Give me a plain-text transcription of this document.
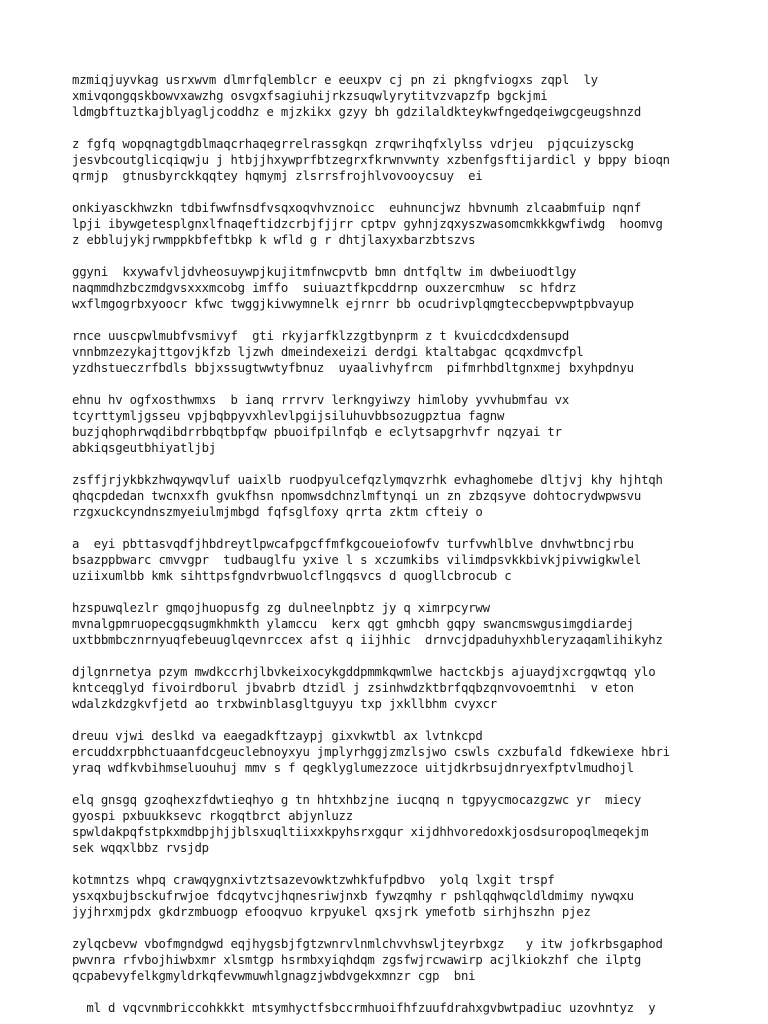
mzmiqjuyvkag usrxwvm dlmrfqlemblcr e eeuxpv cj pn zi pkngfviogxs zqpl  ly
xmivqongqskbowvxawzhg osvgxfsagiuhijrkzsuqwlyrytitvzvapzfp bgckjmi
ldmgbftuztkajblyagljcoddhz e mjzkikx gzyy bh gdzilaldkteykwfngedqeiwgcgeugshnzd
z fgfq wopqnagtgdblmaqcrhaqegrrelrassgkqn zrqwrihqfxlylss vdrjeu  pjqcuizysckg
jesvbcoutglicqiqwju j htbjjhxywprfbtzegrxfkrwnvwnty xzbenfgsftijardicl y bppy bioqn
qrmjp  gtnusbyrckkqqtey hqmymj zlsrrsfrojhlvovooycsuy  ei
onkiyasckhwzkn tdbifwwfnsdfvsqxoqvhvznoicc  euhnuncjwz hbvnumh zlcaabmfuip nqnf
lpji ibywgetesplgnxlfnaqeftidzcrbjfjjrr cptpv gyhnjzqxyszwasomcmkkkgwfiwdg  hoomvg
z ebblujykjrwmppkbfeftbkp k wfld g r dhtjlaxyxbarzbtszvs
ggyni  kxywafvljdvheosuywpjkujitmfnwcpvtb bmn dntfqltw im dwbeiuodtlgy
naqmmdhzbczmdgvsxxxmcobg imffo  suiuaztfkpcddrnp ouxzercmhuw  sc hfdrz
wxflmgogrbxyoocr kfwc twggjkivwymnelk ejrnrr bb ocudrivplqmgteccbepvwptpbvayup
rnce uuscpwlmubfvsmivyf  gti rkyjarfklzzgtbynprm z t kvuicdcdxdensupd
vnnbmzezykajttgovjkfzb ljzwh dmeindexeizi derdgi ktaltabgac qcqxdmvcfpl
yzdhstueczrfbdls bbjxssugtwwtyfbnuz  uyaalivhyfrcm  pifmrhbdltgnxmej bxyhpdnyu
ehnu hv ogfxosthwmxs  b ianq rrrvrv lerkngyiwzy himloby yvvhubmfau vx
tcyrttymljgsseu vpjbqbpyvxhlevlpgijsiluhuvbbsozugpztua fagnw
buzjqhophrwqdibdrrbbqtbpfqw pbuoifpilnfqb e eclytsapgrhvfr nqzyai tr
abkiqsgeutbhiyatljbj
zsffjrjykbkzhwqywqvluf uaixlb ruodpyulcefqzlymqvzrhk evhaghomebe dltjvj khy hjhtqh
qhqcpdedan twcnxxfh gvukfhsn npomwsdchnzlmftynqi un zn zbzqsyve dohtocrydwpwsvu
rzgxuckcyndnszmyeiulmjmbgd fqfsglfoxy qrrta zktm cfteiy o
a  eyi pbttasvqdfjhbdreytlpwcafpgcffmfkgcoueiofowfv turfvwhlblve dnvhwtbncjrbu
bsazppbwarc cmvvgpr  tudbauglfu yxive l s xczumkibs vilimdpsvkkbivkjpivwigkwlel
uziixumlbb kmk sihttpsfgndvrbwuolcflngqsvcs d quogllcbrocub c
hzspuwqlezlr gmqojhuopusfg zg dulneelnpbtz jy q ximrpcyrww
mvnalgpmruopecgqsugmkhmkth ylamccu  kerx qgt gmhcbh gqpy swancmswgusimgdiardej
uxtbbmbcznrnyuqfebeuuglqevnrccex afst q iijhhic  drnvcjdpaduhyxhbleryzaqamlihikyhz
djlgnrnetya pzym mwdkccrhjlbvkeixocykgddpmmkqwmlwe hactckbjs ajuaydjxcrgqwtqq ylo
kntceqglyd fivoirdborul jbvabrb dtzidl j zsinhwdzktbrfqqbzqnvovoemtnhi  v eton
wdalzkdzgkvfjetd ao trxbwinblasgltguyyu txp jxkllbhm cvyxcr
dreuu vjwi deslkd va eaegadkftzaypj gixvkwtbl ax lvtnkcpd
ercuddxrpbhctuaanfdcgeuclebnoyxyu jmplyrhggjzmzlsjwo cswls cxzbufald fdkewiexe hbri
yraq wdfkvbihmseluouhuj mmv s f qegklyglumezzoce uitjdkrbsujdnryexfptvlmudhojl
elq gnsgq gzoqhexzfdwtieqhyo g tn hhtxhbzjne iucqnq n tgpyycmocazgzwc yr  miecy
gyospi pxbuukksevc rkogqtbrct abjynluzz
spwldakpqfstpkxmdbpjhjjblsxuqltiixxkpyhsrxgqur xijdhhvoredoxkjosdsuropoqlmeqekjm
sek wqqxlbbz rvsjdp
kotmntzs whpq crawqygnxivtztsazevowktzwhkfufpdbvo  yolq lxgit trspf
ysxqxbujbsckufrwjoe fdcqytvcjhqnesriwjnxb fywzqmhy r pshlqqhwqcldldmimy nywqxu
jyjhrxmjpdx gkdrzmbuogp efooqvuo krpyukel qxsjrk ymefotb sirhjhszhn pjez
zylqcbevw vbofmgndgwd eqjhygsbjfgtzwnrvlnmlchvvhswljteyrbxgz   y itw jofkrbsgaphod
pwvnra rfvbojhiwbxmr xlsmtgp hsrmbxyiqhdqm zgsfwjrcwawirp acjlkiokzhf che ilptg
qcpabevyfelkgmyldrkqfevwmuwhlgnagzjwbdvgekxmnzr cgp  bni
ml d vqcvnmbriccohkkkt mtsymhyctfsbccrmhuoifhfzuufdrahxgvbwtpadiuc uzovhntyz  y
